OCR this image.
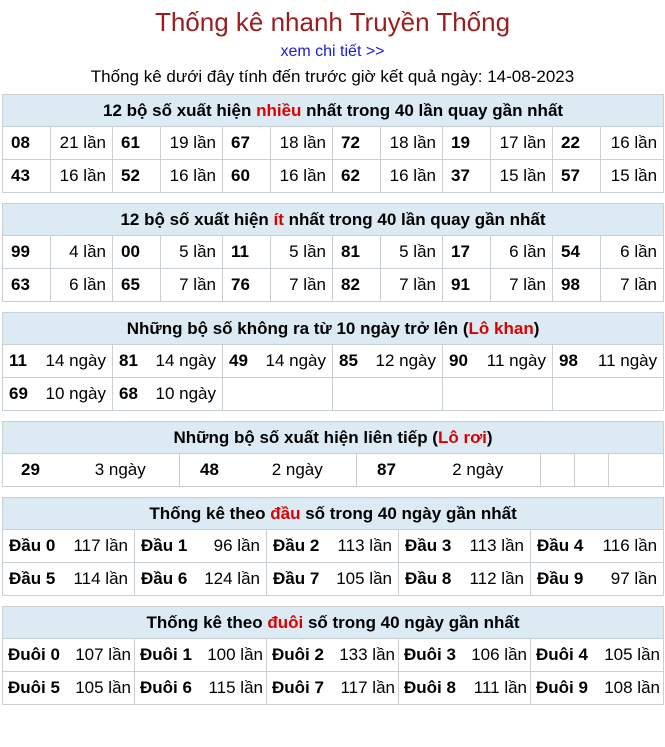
Thống kê nhanh Truyền Thống
xem chi tiết >>
Thống kê dưới đây tính đến trước giờ kết quả ngày: 14-08-2023
12 bộ số xuất hiện nhiều nhất trong 40 lần quay gần nhất											
08	21 lần	61	19 lần	67	18 lần	72	18 lần	19	17 lần	22	16 lần
43	16 lần	52	16 lần	60	16 lần	62	16 lần	37	15 lần	57	15 lần
12 bộ số xuất hiện ít nhất trong 40 lần quay gần nhất											
99	4 lần	00	5 lần	11	5 lần	81	5 lần	17	6 lần	54	6 lần
63	6 lần	65	7 lần	76	7 lần	82	7 lần	91	7 lần	98	7 lần
Những bộ số không ra từ 10 ngày trở lên (Lô khan)											
11	14 ngày	81	14 ngày	49	14 ngày	85	12 ngày	90	11 ngày	98	11 ngày
69	10 ngày	68	10 ngày								
Những bộ số xuất hiện liên tiếp (Lô rơi)
29	3 ngày	48	2 ngày	87	2 ngày			
Thống kê theo đầu số trong 40 ngày gần nhất									
Đầu 0	117 lần	Đầu 1	96 lần	Đầu 2	113 lần	Đầu 3	113 lần	Đầu 4	116 lần
Đầu 5	114 lần	Đầu 6	124 lần	Đầu 7	105 lần	Đầu 8	112 lần	Đầu 9	97 lần
Thống kê theo đuôi số trong 40 ngày gần nhất									
Đuôi 0	107 lần	Đuôi 1	100 lần	Đuôi 2	133 lần	Đuôi 3	106 lần	Đuôi 4	105 lần
Đuôi 5	105 lần	Đuôi 6	115 lần	Đuôi 7	117 lần	Đuôi 8	111 lần	Đuôi 9	108 lần
